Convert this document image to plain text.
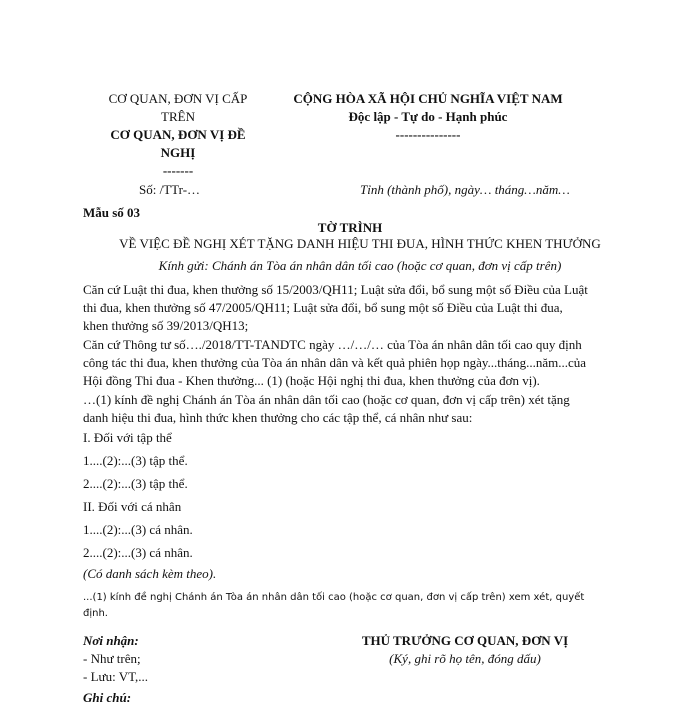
CƠ QUAN, ĐƠN VỊ CẤP
TRÊN
CƠ QUAN, ĐƠN VỊ ĐỀ
NGHỊ
-------
CỘNG HÒA XÃ HỘI CHỦ NGHĨA VIỆT NAM
Độc lập - Tự do - Hạnh phúc
---------------
Số: /TTr-…	Tỉnh (thành phố), ngày… tháng…năm…
Mẫu số 03
TỜ TRÌNH
VỀ VIỆC ĐỀ NGHỊ XÉT TẶNG DANH HIỆU THI ĐUA, HÌNH THỨC KHEN THƯỞNG
Kính gửi: Chánh án Tòa án nhân dân tối cao (hoặc cơ quan, đơn vị cấp trên)
Căn cứ Luật thi đua, khen thưởng số 15/2003/QH11; Luật sửa đổi, bổ sung một số Điều của Luật
thi đua, khen thưởng số 47/2005/QH11; Luật sửa đổi, bổ sung một số Điều của Luật thi đua,
khen thưởng số 39/2013/QH13;
Căn cứ Thông tư số…./2018/TT-TANDTC ngày …/…/… của Tòa án nhân dân tối cao quy định
công tác thi đua, khen thưởng của Tòa án nhân dân và kết quả phiên họp ngày...tháng...năm...của
Hội đồng Thi đua - Khen thưởng... (1) (hoặc Hội nghị thi đua, khen thưởng của đơn vị).
…(1) kính đề nghị Chánh án Tòa án nhân dân tối cao (hoặc cơ quan, đơn vị cấp trên) xét tặng
danh hiệu thi đua, hình thức khen thưởng cho các tập thể, cá nhân như sau:
I. Đối với tập thể
1....(2):...(3) tập thể.
2....(2):...(3) tập thể.
II. Đối với cá nhân
1....(2):...(3) cá nhân.
2....(2):...(3) cá nhân.
(Có danh sách kèm theo).
...(1) kính đề nghị Chánh án Tòa án nhân dân tối cao (hoặc cơ quan, đơn vị cấp trên) xem xét, quyết
định.
Nơi nhận:
- Như trên;
- Lưu: VT,...
Ghi chú:
THỦ TRƯỞNG CƠ QUAN, ĐƠN VỊ
(Ký, ghi rõ họ tên, đóng dấu)
